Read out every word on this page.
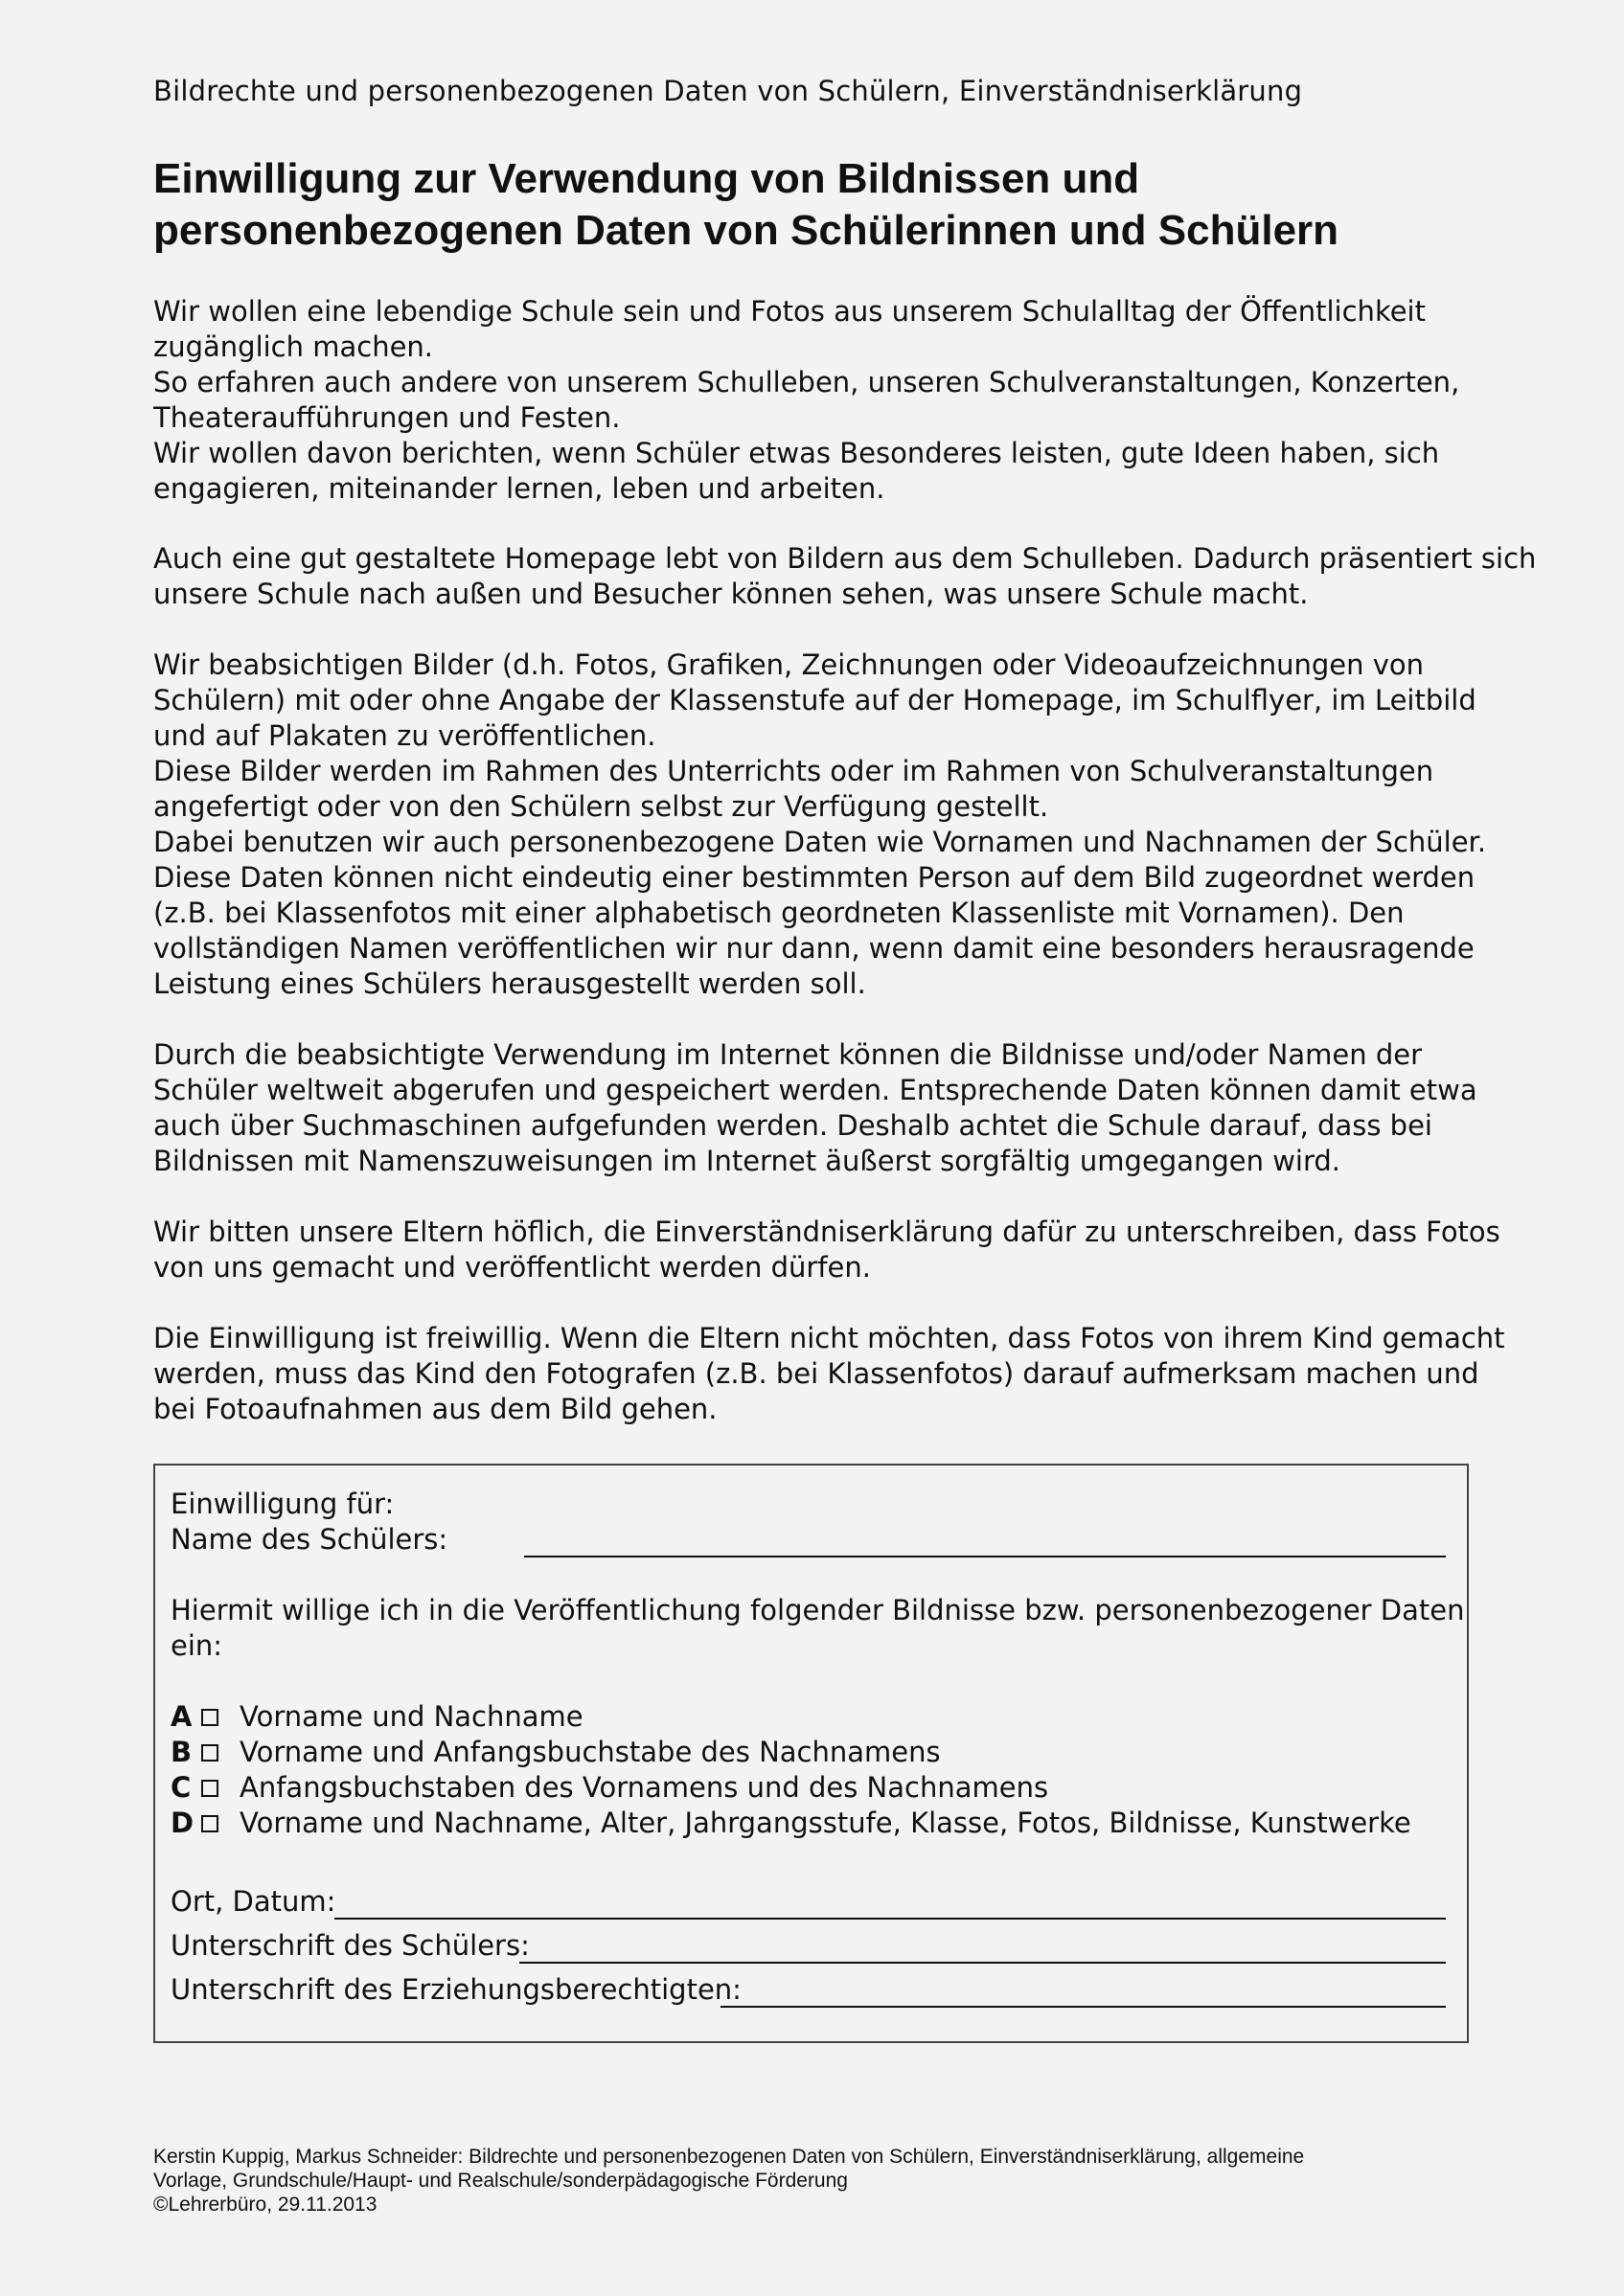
Bildrechte und personenbezogenen Daten von Schülern, Einverständniserklärung
Einwilligung zur Verwendung von Bildnissen und
personenbezogenen Daten von Schülerinnen und Schülern
Wir wollen eine lebendige Schule sein und Fotos aus unserem Schulalltag der Öffentlichkeit
zugänglich machen.
So erfahren auch andere von unserem Schulleben, unseren Schulveranstaltungen, Konzerten,
Theateraufführungen und Festen.
Wir wollen davon berichten, wenn Schüler etwas Besonderes leisten, gute Ideen haben, sich
engagieren, miteinander lernen, leben und arbeiten.
Auch eine gut gestaltete Homepage lebt von Bildern aus dem Schulleben. Dadurch präsentiert sich
unsere Schule nach außen und Besucher können sehen, was unsere Schule macht.
Wir beabsichtigen Bilder (d.h. Fotos, Grafiken, Zeichnungen oder Videoaufzeichnungen von
Schülern) mit oder ohne Angabe der Klassenstufe auf der Homepage, im Schulflyer, im Leitbild
und auf Plakaten zu veröffentlichen.
Diese Bilder werden im Rahmen des Unterrichts oder im Rahmen von Schulveranstaltungen
angefertigt oder von den Schülern selbst zur Verfügung gestellt.
Dabei benutzen wir auch personenbezogene Daten wie Vornamen und Nachnamen der Schüler.
Diese Daten können nicht eindeutig einer bestimmten Person auf dem Bild zugeordnet werden
(z.B. bei Klassenfotos mit einer alphabetisch geordneten Klassenliste mit Vornamen). Den
vollständigen Namen veröffentlichen wir nur dann, wenn damit eine besonders herausragende
Leistung eines Schülers herausgestellt werden soll.
Durch die beabsichtigte Verwendung im Internet können die Bildnisse und/oder Namen der
Schüler weltweit abgerufen und gespeichert werden. Entsprechende Daten können damit etwa
auch über Suchmaschinen aufgefunden werden. Deshalb achtet die Schule darauf, dass bei
Bildnissen mit Namenszuweisungen im Internet äußerst sorgfältig umgegangen wird.
Wir bitten unsere Eltern höflich, die Einverständniserklärung dafür zu unterschreiben, dass Fotos
von uns gemacht und veröffentlicht werden dürfen.
Die Einwilligung ist freiwillig. Wenn die Eltern nicht möchten, dass Fotos von ihrem Kind gemacht
werden, muss das Kind den Fotografen (z.B. bei Klassenfotos) darauf aufmerksam machen und
bei Fotoaufnahmen aus dem Bild gehen.
Einwilligung für:
Name des Schülers:
Hiermit willige ich in die Veröffentlichung folgender Bildnisse bzw. personenbezogener Daten
ein:
A	Vorname und Nachname
B	Vorname und Anfangsbuchstabe des Nachnamens
C	Anfangsbuchstaben des Vornamens und des Nachnamens
D Vorname und Nachname, Alter, Jahrgangsstufe, Klasse, Fotos, Bildnisse, Kunstwerke
Ort, Datum:
Unterschrift des Schülers:
Unterschrift des Erziehungsberechtigten:
Kerstin Kuppig, Markus Schneider: Bildrechte und personenbezogenen Daten von Schülern, Einverständniserklärung, allgemeine
Vorlage, Grundschule/Haupt- und Realschule/sonderpädagogische Förderung
©Lehrerbüro, 29.11.2013
